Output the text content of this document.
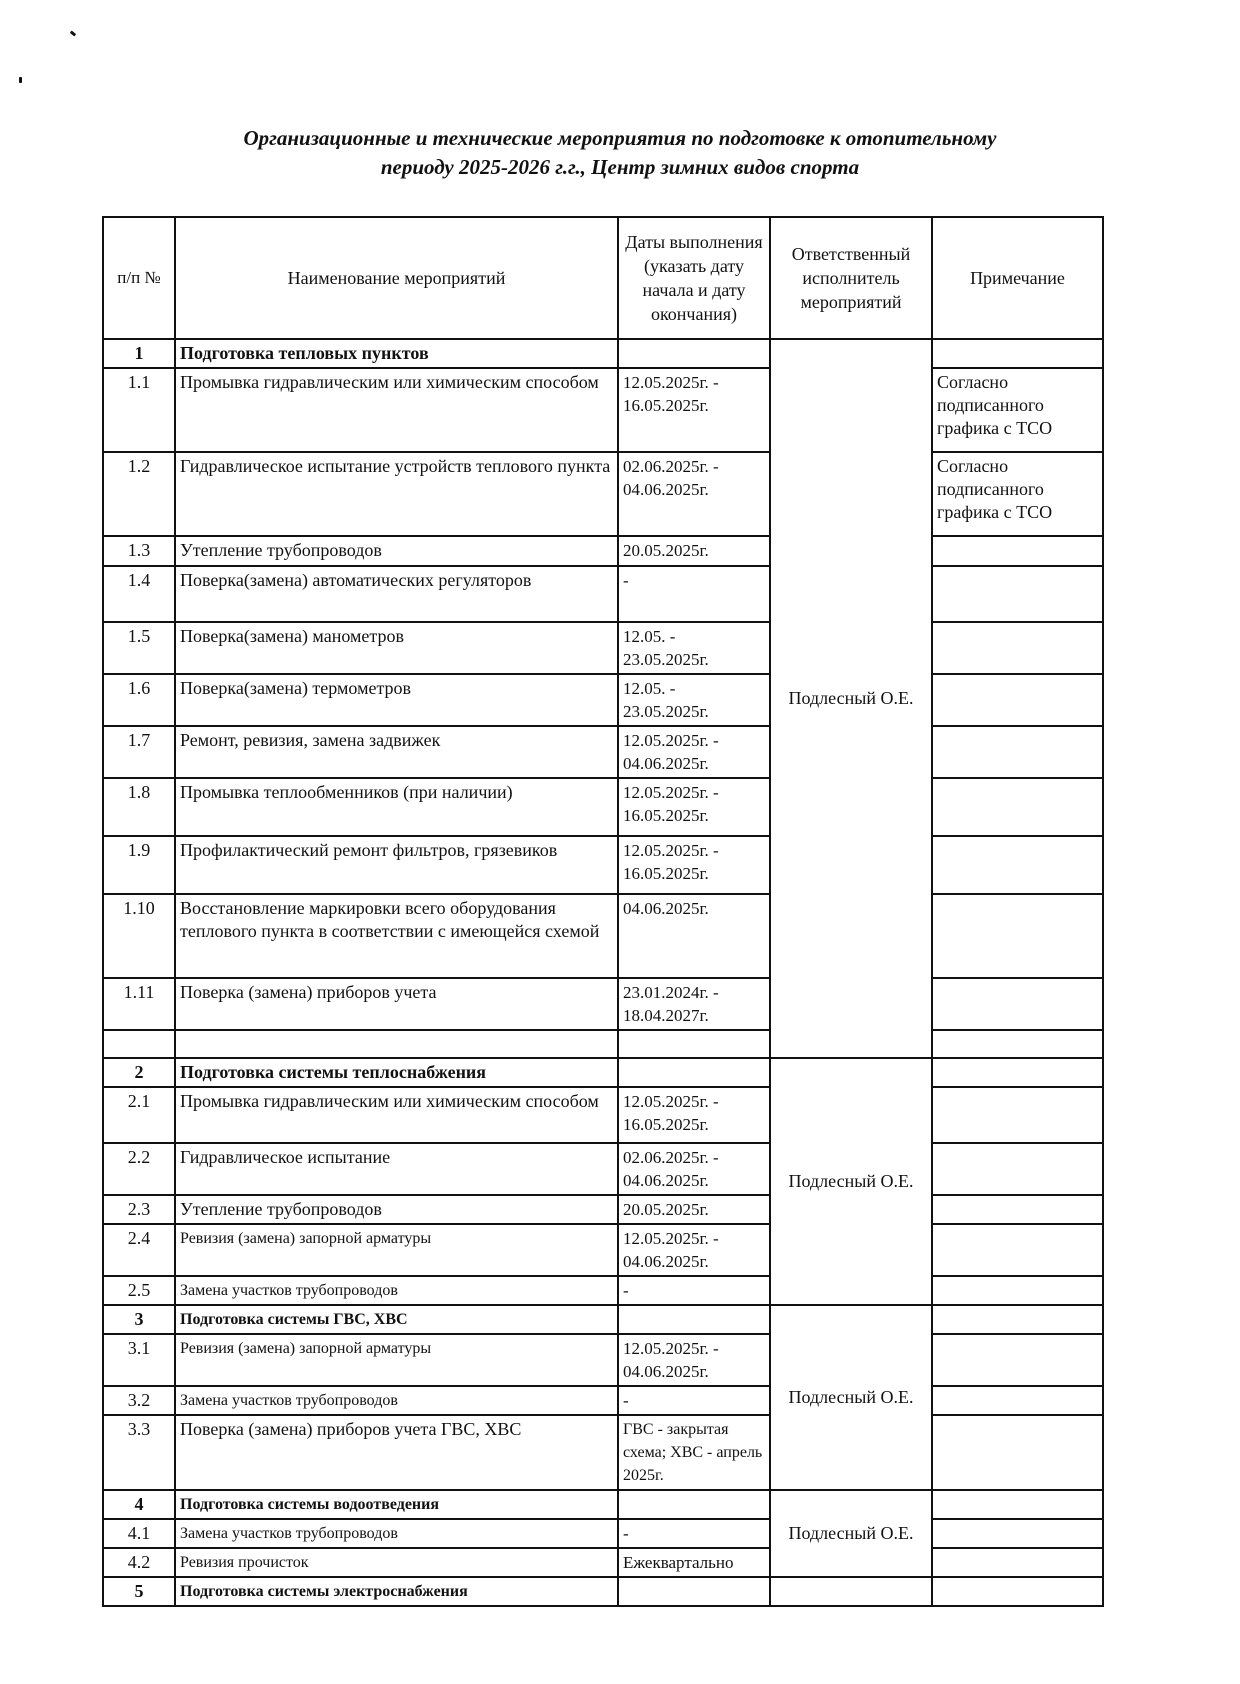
Организационные и технические мероприятия по подготовке к отопительному
периоду 2025-2026 г.г., Центр зимних видов спорта
п/п №	Наименование мероприятий	Даты выполнения (указать дату начала и дату окончания)	Ответственный исполнитель мероприятий	Примечание
1	Подготовка тепловых пунктов		Подлесный О.Е.	
1.1	Промывка гидравлическим или химическим способом	12.05.2025г. - 16.05.2025г.		Согласно подписанного графика с ТСО
1.2	Гидравлическое испытание устройств теплового пункта	02.06.2025г. - 04.06.2025г.		Согласно подписанного графика с ТСО
1.3	Утепление трубопроводов	20.05.2025г.		
1.4	Поверка(замена) автоматических регуляторов	-		
1.5	Поверка(замена) манометров	12.05. - 23.05.2025г.		
1.6	Поверка(замена) термометров	12.05. - 23.05.2025г.		
1.7	Ремонт, ревизия, замена задвижек	12.05.2025г. - 04.06.2025г.		
1.8	Промывка теплообменников (при наличии)	12.05.2025г. - 16.05.2025г.		
1.9	Профилактический ремонт фильтров, грязевиков	12.05.2025г. - 16.05.2025г.		
1.10	Восстановление маркировки всего оборудования теплового пункта в соответствии с имеющейся схемой	04.06.2025г.		
1.11	Поверка (замена) приборов учета	23.01.2024г. - 18.04.2027г.		

2	Подготовка системы теплоснабжения		Подлесный О.Е.	
2.1	Промывка гидравлическим или химическим способом	12.05.2025г. - 16.05.2025г.		
2.2	Гидравлическое испытание	02.06.2025г. - 04.06.2025г.		
2.3	Утепление трубопроводов	20.05.2025г.		
2.4	Ревизия (замена) запорной арматуры	12.05.2025г. - 04.06.2025г.		
2.5	Замена участков трубопроводов	-		
3	Подготовка системы ГВС, ХВС		Подлесный О.Е.	
3.1	Ревизия (замена) запорной арматуры	12.05.2025г. - 04.06.2025г.		
3.2	Замена участков трубопроводов	-		
3.3	Поверка (замена) приборов учета ГВС, ХВС	ГВС - закрытая схема; ХВС - апрель 2025г.		
4	Подготовка системы водоотведения		Подлесный О.Е.	
4.1	Замена участков трубопроводов	-		
4.2	Ревизия прочисток	Ежеквартально		
5	Подготовка системы электроснабжения			
